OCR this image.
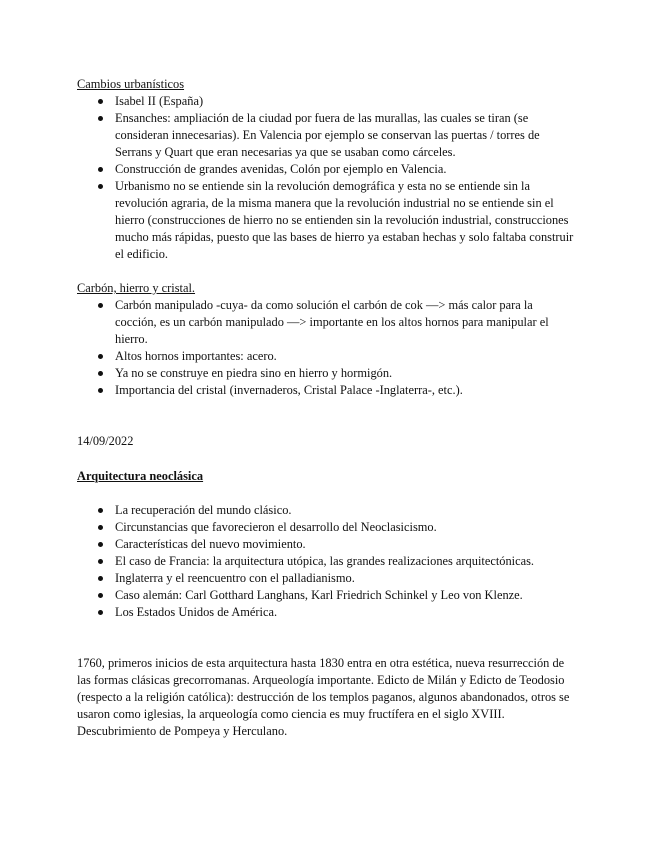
Cambios urbanísticos

Isabel II (España)
Ensanches: ampliación de la ciudad por fuera de las murallas, las cuales se tiran (se consideran innecesarias). En Valencia por ejemplo se conservan las puertas / torres de Serrans y Quart que eran necesarias ya que se usaban como cárceles.
Construcción de grandes avenidas, Colón por ejemplo en Valencia.
Urbanismo no se entiende sin la revolución demográfica y esta no se entiende sin la revolución agraria, de la misma manera que la revolución industrial no se entiende sin el hierro (construcciones de hierro no se entienden sin la revolución industrial, construcciones mucho más rápidas, puesto que las bases de hierro ya estaban hechas y solo faltaba construir el edificio.

Carbón, hierro y cristal.

Carbón manipulado -cuya- da como solución el carbón de cok —> más calor para la cocción, es un carbón manipulado —> importante en los altos hornos para manipular el hierro.
Altos hornos importantes: acero.
Ya no se construye en piedra sino en hierro y hormigón.
Importancia del cristal (invernaderos, Cristal Palace -Inglaterra-, etc.).

14/09/2022

Arquitectura neoclásica

La recuperación del mundo clásico.
Circunstancias que favorecieron el desarrollo del Neoclasicismo.
Características del nuevo movimiento.
El caso de Francia: la arquitectura utópica, las grandes realizaciones arquitectónicas.
Inglaterra y el reencuentro con el palladianismo.
Caso alemán: Carl Gotthard Langhans, Karl Friedrich Schinkel y Leo von Klenze.
Los Estados Unidos de América.

1760, primeros inicios de esta arquitectura hasta 1830 entra en otra estética, nueva resurrección de las formas clásicas grecorromanas. Arqueología importante. Edicto de Milán y Edicto de Teodosio (respecto a la religión católica): destrucción de los templos paganos, algunos abandonados, otros se usaron como iglesias, la arqueología como ciencia es muy fructífera en el siglo XVIII. Descubrimiento de Pompeya y Herculano.
